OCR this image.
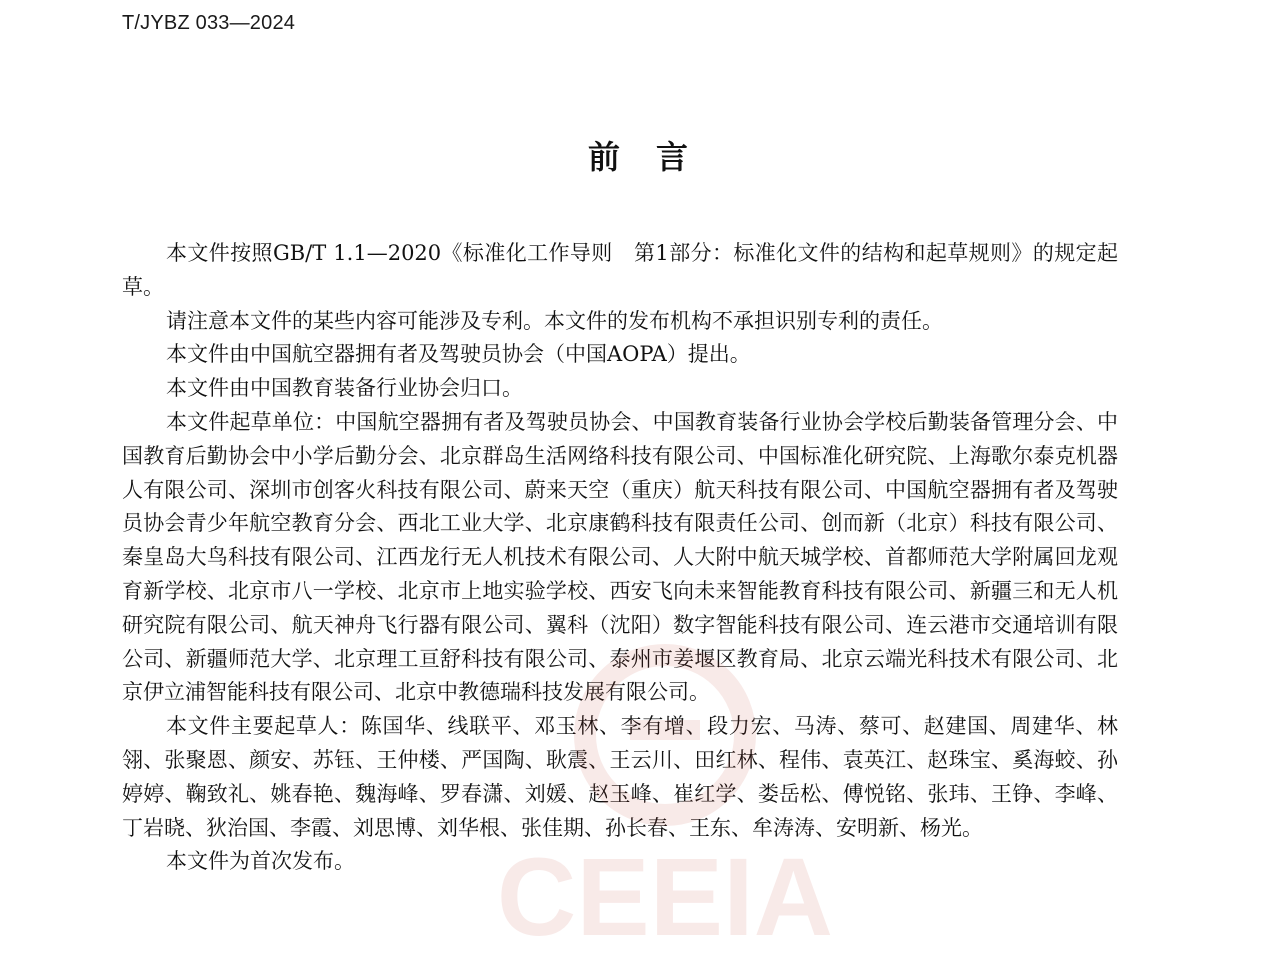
T/JYBZ 033—2024
前言

本文件按照GB/T 1.1—2020《标准化工作导则　第1部分：标准化文件的结构和起草规则》的规定起草。

请注意本文件的某些内容可能涉及专利。本文件的发布机构不承担识别专利的责任。

本文件由中国航空器拥有者及驾驶员协会（中国AOPA）提出。

本文件由中国教育装备行业协会归口。

本文件起草单位：中国航空器拥有者及驾驶员协会、中国教育装备行业协会学校后勤装备管理分会、中国教育后勤协会中小学后勤分会、北京群岛生活网络科技有限公司、中国标准化研究院、上海歌尔泰克机器人有限公司、深圳市创客火科技有限公司、蔚来天空（重庆）航天科技有限公司、中国航空器拥有者及驾驶员协会青少年航空教育分会、西北工业大学、北京康鹤科技有限责任公司、创而新（北京）科技有限公司、秦皇岛大鸟科技有限公司、江西龙行无人机技术有限公司、人大附中航天城学校、首都师范大学附属回龙观育新学校、北京市八一学校、北京市上地实验学校、西安飞向未来智能教育科技有限公司、新疆三和无人机研究院有限公司、航天神舟飞行器有限公司、翼科（沈阳）数字智能科技有限公司、连云港市交通培训有限公司、新疆师范大学、北京理工亘舒科技有限公司、泰州市姜堰区教育局、北京云端光科技术有限公司、北京伊立浦智能科技有限公司、北京中教德瑞科技发展有限公司。

本文件主要起草人：陈国华、线联平、邓玉林、李有增、段力宏、马涛、蔡可、赵建国、周建华、林翎、张聚恩、颜安、苏钰、王仲楼、严国陶、耿震、王云川、田红林、程伟、袁英江、赵珠宝、奚海蛟、孙婷婷、鞠致礼、姚春艳、魏海峰、罗春潇、刘媛、赵玉峰、崔红学、娄岳松、傅悦铭、张玮、王铮、李峰、丁岩晓、狄治国、李霞、刘思博、刘华根、张佳期、孙长春、王东、牟涛涛、安明新、杨光。

本文件为首次发布。	CEEIA
